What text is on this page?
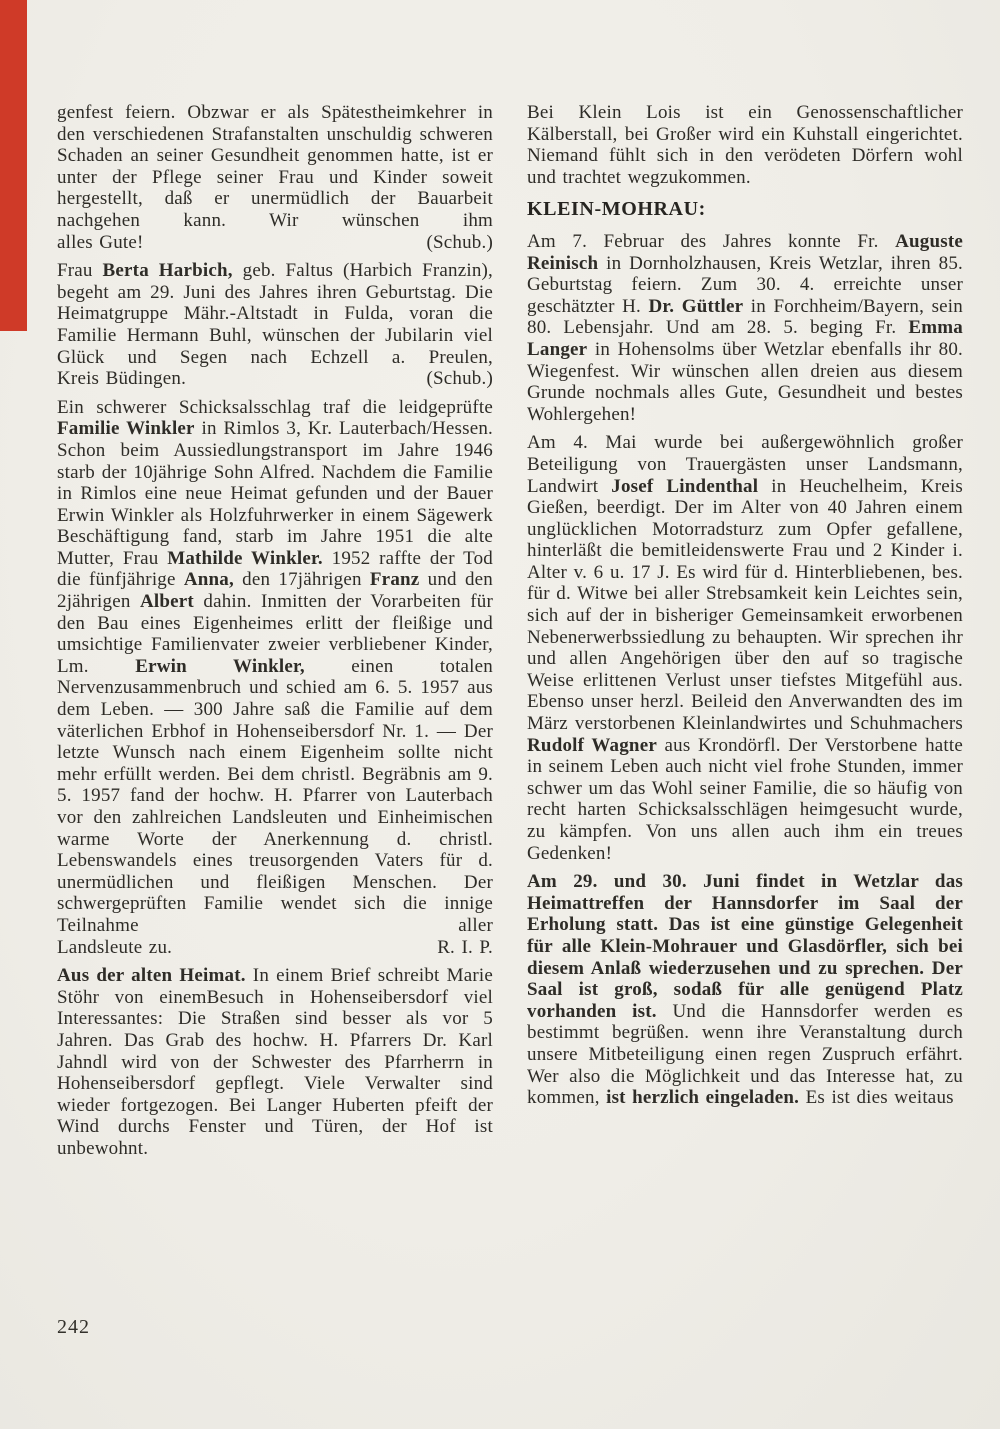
genfest feiern. Obzwar er als Spätestheimkehrer in den verschiedenen Strafanstalten unschuldig schweren Schaden an seiner Gesundheit genommen hatte, ist er unter der Pflege seiner Frau und Kinder soweit hergestellt, daß er unermüdlich der Bauarbeit nachgehen kann. Wir wünschen ihm
alles Gute!	(Schub.)
Frau Berta Harbich, geb. Faltus (Harbich Franzin), begeht am 29. Juni des Jahres ihren Geburtstag. Die Heimatgruppe Mähr.-Altstadt in Fulda, voran die Familie Hermann Buhl, wünschen der Jubilarin viel Glück und Segen nach Echzell a. Preulen,
Kreis Büdingen.	(Schub.)
Ein schwerer Schicksalsschlag traf die leidgeprüfte Familie Winkler in Rimlos 3, Kr. Lauterbach/Hessen. Schon beim Aussiedlungstransport im Jahre 1946 starb der 10jährige Sohn Alfred. Nachdem die Familie in Rimlos eine neue Heimat gefunden und der Bauer Erwin Winkler als Holzfuhrwerker in einem Sägewerk Beschäftigung fand, starb im Jahre 1951 die alte Mutter, Frau Mathilde Winkler. 1952 raffte der Tod die fünfjährige Anna, den 17jährigen Franz und den 2jährigen Albert dahin. Inmitten der Vorarbeiten für den Bau eines Eigenheimes erlitt der fleißige und umsichtige Familienvater zweier verbliebener Kinder, Lm. Erwin Winkler, einen totalen Nervenzusammenbruch und schied am 6. 5. 1957 aus dem Leben. — 300 Jahre saß die Familie auf dem väterlichen Erbhof in Hohenseibersdorf Nr. 1. — Der letzte Wunsch nach einem Eigenheim sollte nicht mehr erfüllt werden. Bei dem christl. Begräbnis am 9. 5. 1957 fand der hochw. H. Pfarrer von Lauterbach vor den zahlreichen Landsleuten und Einheimischen warme Worte der Anerkennung d. christl. Lebenswandels eines treusorgenden Vaters für d. unermüdlichen und fleißigen Menschen. Der schwergeprüften Familie wendet sich die innige Teilnahme aller
Landsleute zu.	R. I. P.
Aus der alten Heimat. In einem Brief schreibt Marie Stöhr von einemBesuch in Hohenseibersdorf viel Interessantes: Die Straßen sind besser als vor 5 Jahren. Das Grab des hochw. H. Pfarrers Dr. Karl Jahndl wird von der Schwester des Pfarrherrn in Hohenseibersdorf gepflegt. Viele Verwalter sind wieder fortgezogen. Bei Langer Huberten pfeift der Wind durchs Fenster und Türen, der Hof ist unbewohnt.
Bei Klein Lois ist ein Genossenschaftlicher Kälberstall, bei Großer wird ein Kuhstall eingerichtet. Niemand fühlt sich in den verödeten Dörfern wohl und trachtet wegzukommen.
KLEIN-MOHRAU:
Am 7. Februar des Jahres konnte Fr. Auguste Reinisch in Dornholzhausen, Kreis Wetzlar, ihren 85. Geburtstag feiern. Zum 30. 4. erreichte unser geschätzter H. Dr. Güttler in Forchheim/Bayern, sein 80. Lebensjahr. Und am 28. 5. beging Fr. Emma Langer in Hohensolms über Wetzlar ebenfalls ihr 80. Wiegenfest. Wir wünschen allen dreien aus diesem Grunde nochmals alles Gute, Gesundheit und bestes Wohlergehen!
Am 4. Mai wurde bei außergewöhnlich großer Beteiligung von Trauergästen unser Landsmann, Landwirt Josef Lindenthal in Heuchelheim, Kreis Gießen, beerdigt. Der im Alter von 40 Jahren einem unglücklichen Motorradsturz zum Opfer gefallene, hinterläßt die bemitleidenswerte Frau und 2 Kinder i. Alter v. 6 u. 17 J. Es wird für d. Hinterbliebenen, bes. für d. Witwe bei aller Strebsamkeit kein Leichtes sein, sich auf der in bisheriger Gemeinsamkeit erworbenen Nebenerwerbssiedlung zu behaupten. Wir sprechen ihr und allen Angehörigen über den auf so tragische Weise erlittenen Verlust unser tiefstes Mitgefühl aus. Ebenso unser herzl. Beileid den Anverwandten des im März verstorbenen Kleinlandwirtes und Schuhmachers Rudolf Wagner aus Krondörfl. Der Verstorbene hatte in seinem Leben auch nicht viel frohe Stunden, immer schwer um das Wohl seiner Familie, die so häufig von recht harten Schicksalsschlägen heimgesucht wurde, zu kämpfen. Von uns allen auch ihm ein treues Gedenken!
Am 29. und 30. Juni findet in Wetzlar das Heimattreffen der Hannsdorfer im Saal der Erholung statt. Das ist eine günstige Gelegenheit für alle Klein-Mohrauer und Glasdörfler, sich bei diesem Anlaß wiederzusehen und zu sprechen. Der Saal ist groß, sodaß für alle genügend Platz vorhanden ist. Und die Hannsdorfer werden es bestimmt begrüßen. wenn ihre Veranstaltung durch unsere Mitbeteiligung einen regen Zuspruch erfährt. Wer also die Möglichkeit und das Interesse hat, zu kommen, ist herzlich eingeladen. Es ist dies weitaus
242
